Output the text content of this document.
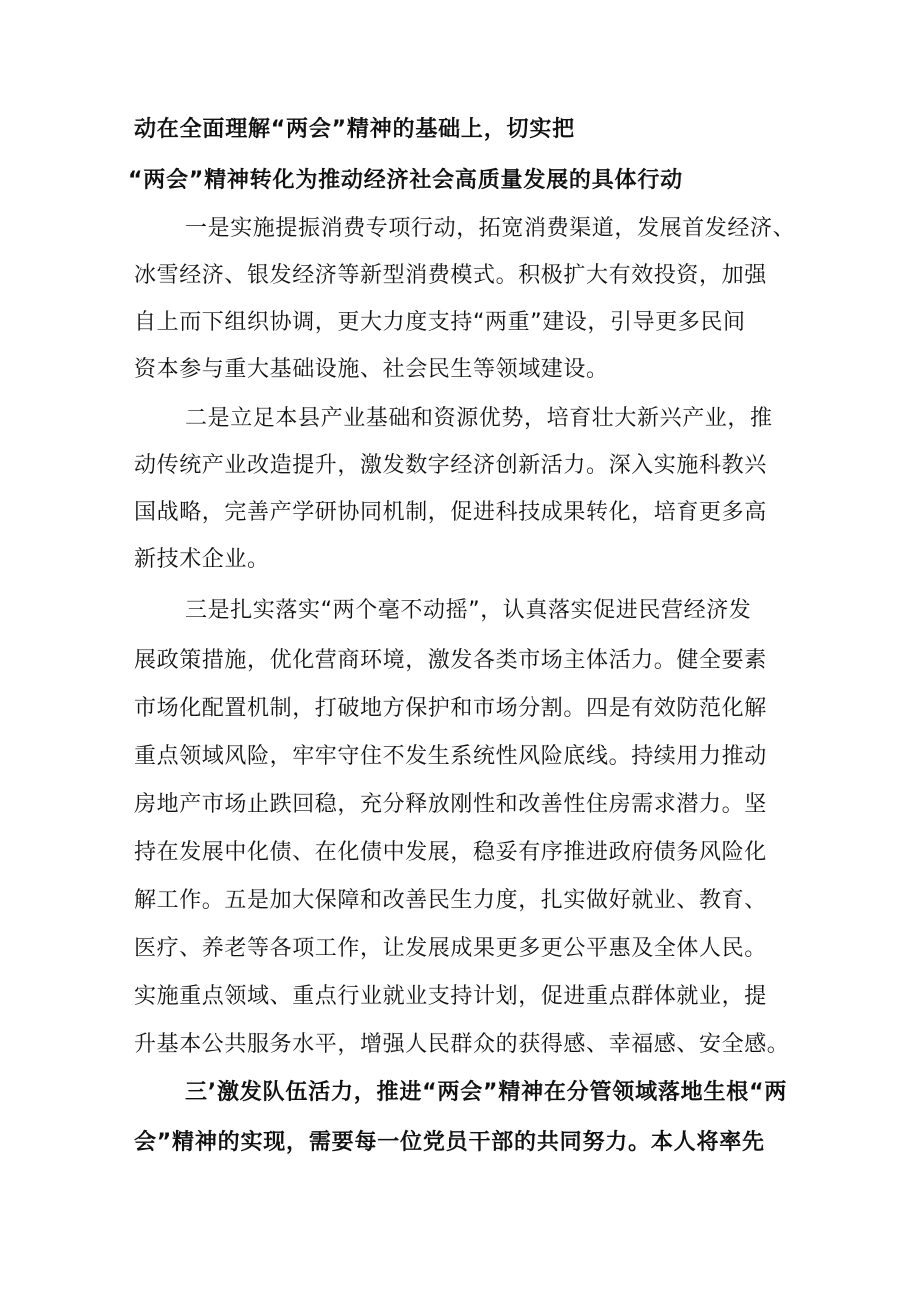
动在全面理解“两会”精神的基础上，切实把
“两会”精神转化为推动经济社会高质量发展的具体行动
一是实施提振消费专项行动，拓宽消费渠道，发展首发经济、
冰雪经济、银发经济等新型消费模式。积极扩大有效投资，加强
自上而下组织协调，更大力度支持“两重”建设，引导更多民间
资本参与重大基础设施、社会民生等领域建设。
二是立足本县产业基础和资源优势，培育壮大新兴产业，推
动传统产业改造提升，激发数字经济创新活力。深入实施科教兴
国战略，完善产学研协同机制，促进科技成果转化，培育更多高
新技术企业。
三是扎实落实“两个毫不动摇”，认真落实促进民营经济发
展政策措施，优化营商环境，激发各类市场主体活力。健全要素
市场化配置机制，打破地方保护和市场分割。四是有效防范化解
重点领域风险，牢牢守住不发生系统性风险底线。持续用力推动
房地产市场止跌回稳，充分释放刚性和改善性住房需求潜力。坚
持在发展中化债、在化债中发展，稳妥有序推进政府债务风险化
解工作。五是加大保障和改善民生力度，扎实做好就业、教育、
医疗、养老等各项工作，让发展成果更多更公平惠及全体人民。
实施重点领域、重点行业就业支持计划，促进重点群体就业，提
升基本公共服务水平，增强人民群众的获得感、幸福感、安全感。
三’激发队伍活力，推进“两会”精神在分管领域落地生根“两
会”精神的实现，需要每一位党员干部的共同努力。本人将率先
